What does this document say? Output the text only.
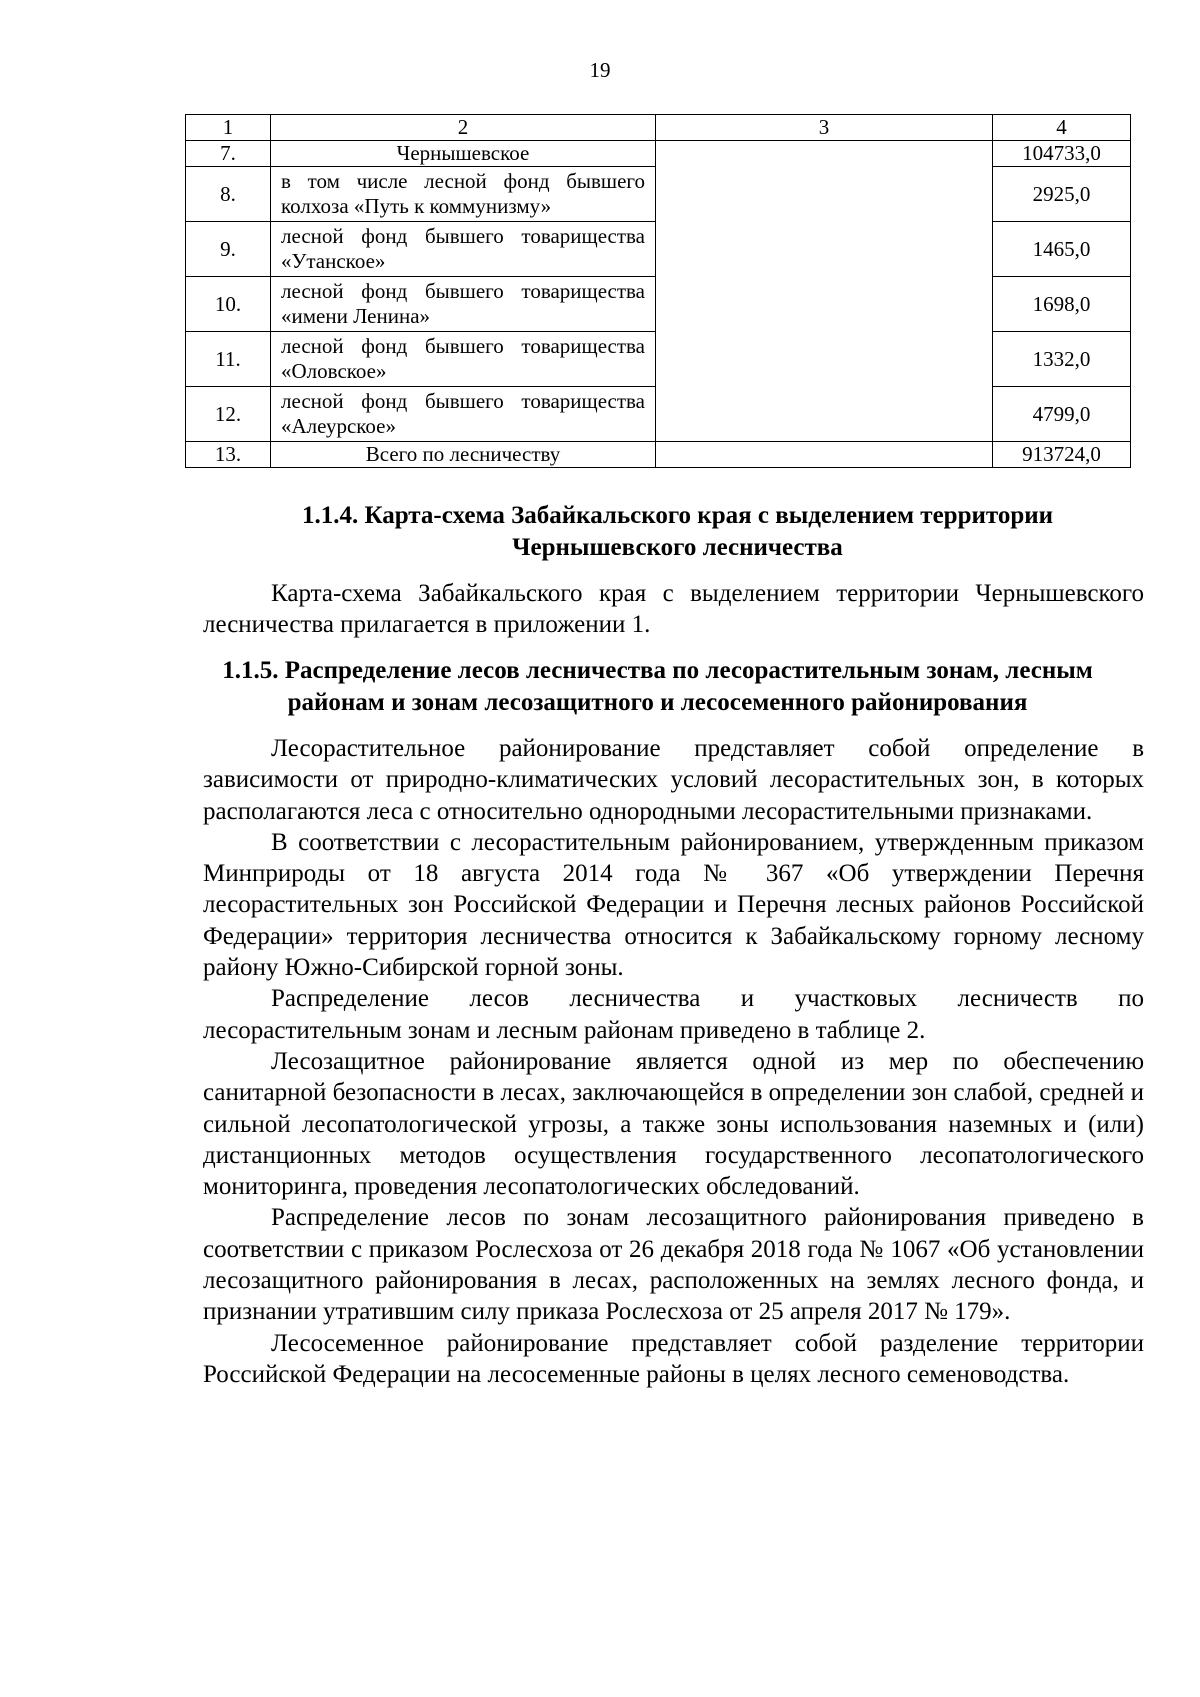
19
1	2	3	4
7.	Чернышевское		104733,0
8.	в том числе лесной фонд бывшего колхоза «Путь к коммунизму»		2925,0
9.	лесной фонд бывшего товарищества «Утанское»		1465,0
10.	лесной фонд бывшего товарищества «имени Ленина»		1698,0
11.	лесной фонд бывшего товарищества «Оловское»		1332,0
12.	лесной фонд бывшего товарищества «Алеурское»		4799,0
13.	Всего по лесничеству		913724,0
1.1.4. Карта-схема Забайкальского края с выделением территории Чернышевского лесничества

Карта-схема Забайкальского края с выделением территории Чернышевского лесничества прилагается в приложении 1.

1.1.5. Распределение лесов лесничества по лесорастительным зонам, лесным районам и зонам лесозащитного и лесосеменного районирования

Лесорастительное районирование представляет собой определение в зависимости от природно-климатических условий лесорастительных зон, в которых располагаются леса с относительно однородными лесорастительными признаками.

В соответствии с лесорастительным районированием, утвержденным приказом Минприроды от 18 августа 2014 года № 367 «Об утверждении Перечня лесорастительных зон Российской Федерации и Перечня лесных районов Российской Федерации» территория лесничества относится к Забайкальскому горному лесному району Южно-Сибирской горной зоны.

Распределение лесов лесничества и участковых лесничеств по лесорастительным зонам и лесным районам приведено в таблице 2.

Лесозащитное районирование является одной из мер по обеспечению санитарной безопасности в лесах, заключающейся в определении зон слабой, средней и сильной лесопатологической угрозы, а также зоны использования наземных и (или) дистанционных методов осуществления государственного лесопатологического мониторинга, проведения лесопатологических обследований.

Распределение лесов по зонам лесозащитного районирования приведено в соответствии с приказом Рослесхоза от 26 декабря 2018 года № 1067 «Об установлении лесозащитного районирования в лесах, расположенных на землях лесного фонда, и признании утратившим силу приказа Рослесхоза от 25 апреля 2017 № 179».

Лесосеменное районирование представляет собой разделение территории Российской Федерации на лесосеменные районы в целях лесного семеноводства.
